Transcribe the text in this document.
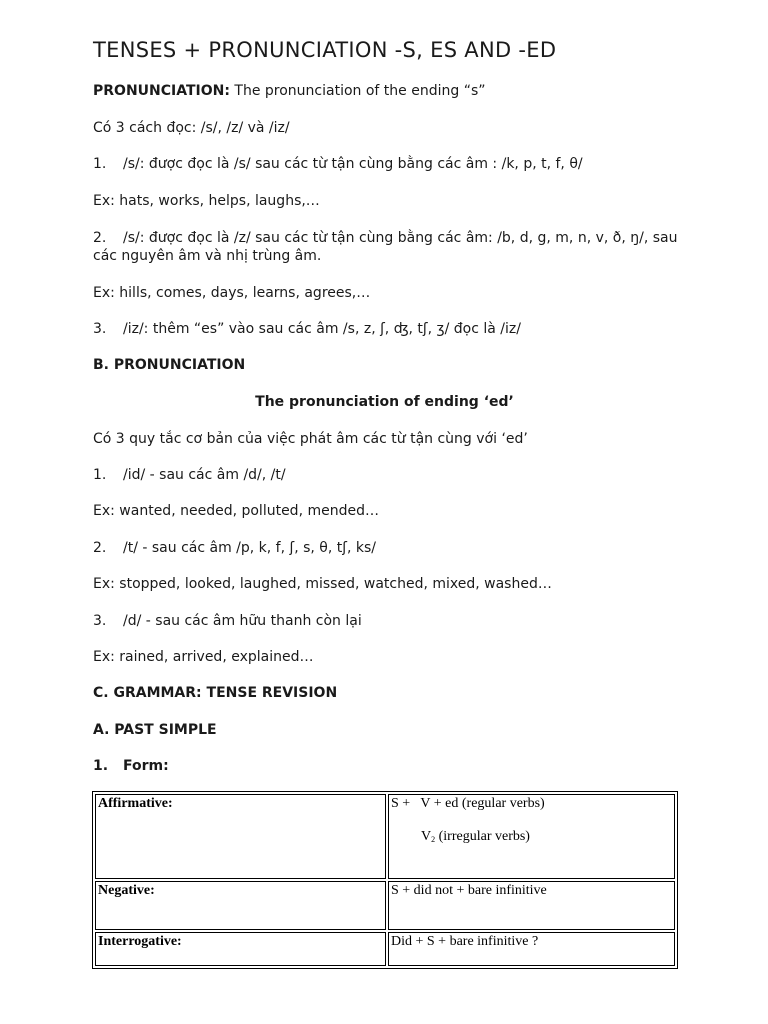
TENSES + PRONUNCIATION -S, ES AND -ED
PRONUNCIATION: The pronunciation of the ending “s”
Có 3 cách đọc: /s/, /z/ và /iz/
1. /s/: được đọc là /s/ sau các từ tận cùng bằng các âm : /k, p, t, f, θ/
Ex: hats, works, helps, laughs,…
2. /s/: được đọc là /z/ sau các từ tận cùng bằng các âm: /b, d, g, m, n, v, ð, ŋ/, sau các nguyên âm và nhị trùng âm.
Ex: hills, comes, days, learns, agrees,…
3. /iz/: thêm “es” vào sau các âm /s, z, ʃ, ʤ, tʃ, ʒ/ đọc là /iz/
B. PRONUNCIATION
The pronunciation of ending ‘ed’
Có 3 quy tắc cơ bản của việc phát âm các từ tận cùng với ‘ed’
1. /id/ - sau các âm /d/, /t/
Ex: wanted, needed, polluted, mended…
2. /t/ - sau các âm /p, k, f, ʃ, s, θ, tʃ, ks/
Ex: stopped, looked, laughed, missed, watched, mixed, washed…
3. /d/ - sau các âm hữu thanh còn lại
Ex: rained, arrived, explained…
C. GRAMMAR: TENSE REVISION
A. PAST SIMPLE
1. Form:
Affirmative:	S +   V + ed (regular verbs)
V2 (irregular verbs)

Negative:	S + did not + bare infinitive
Interrogative:	Did + S + bare infinitive ?
